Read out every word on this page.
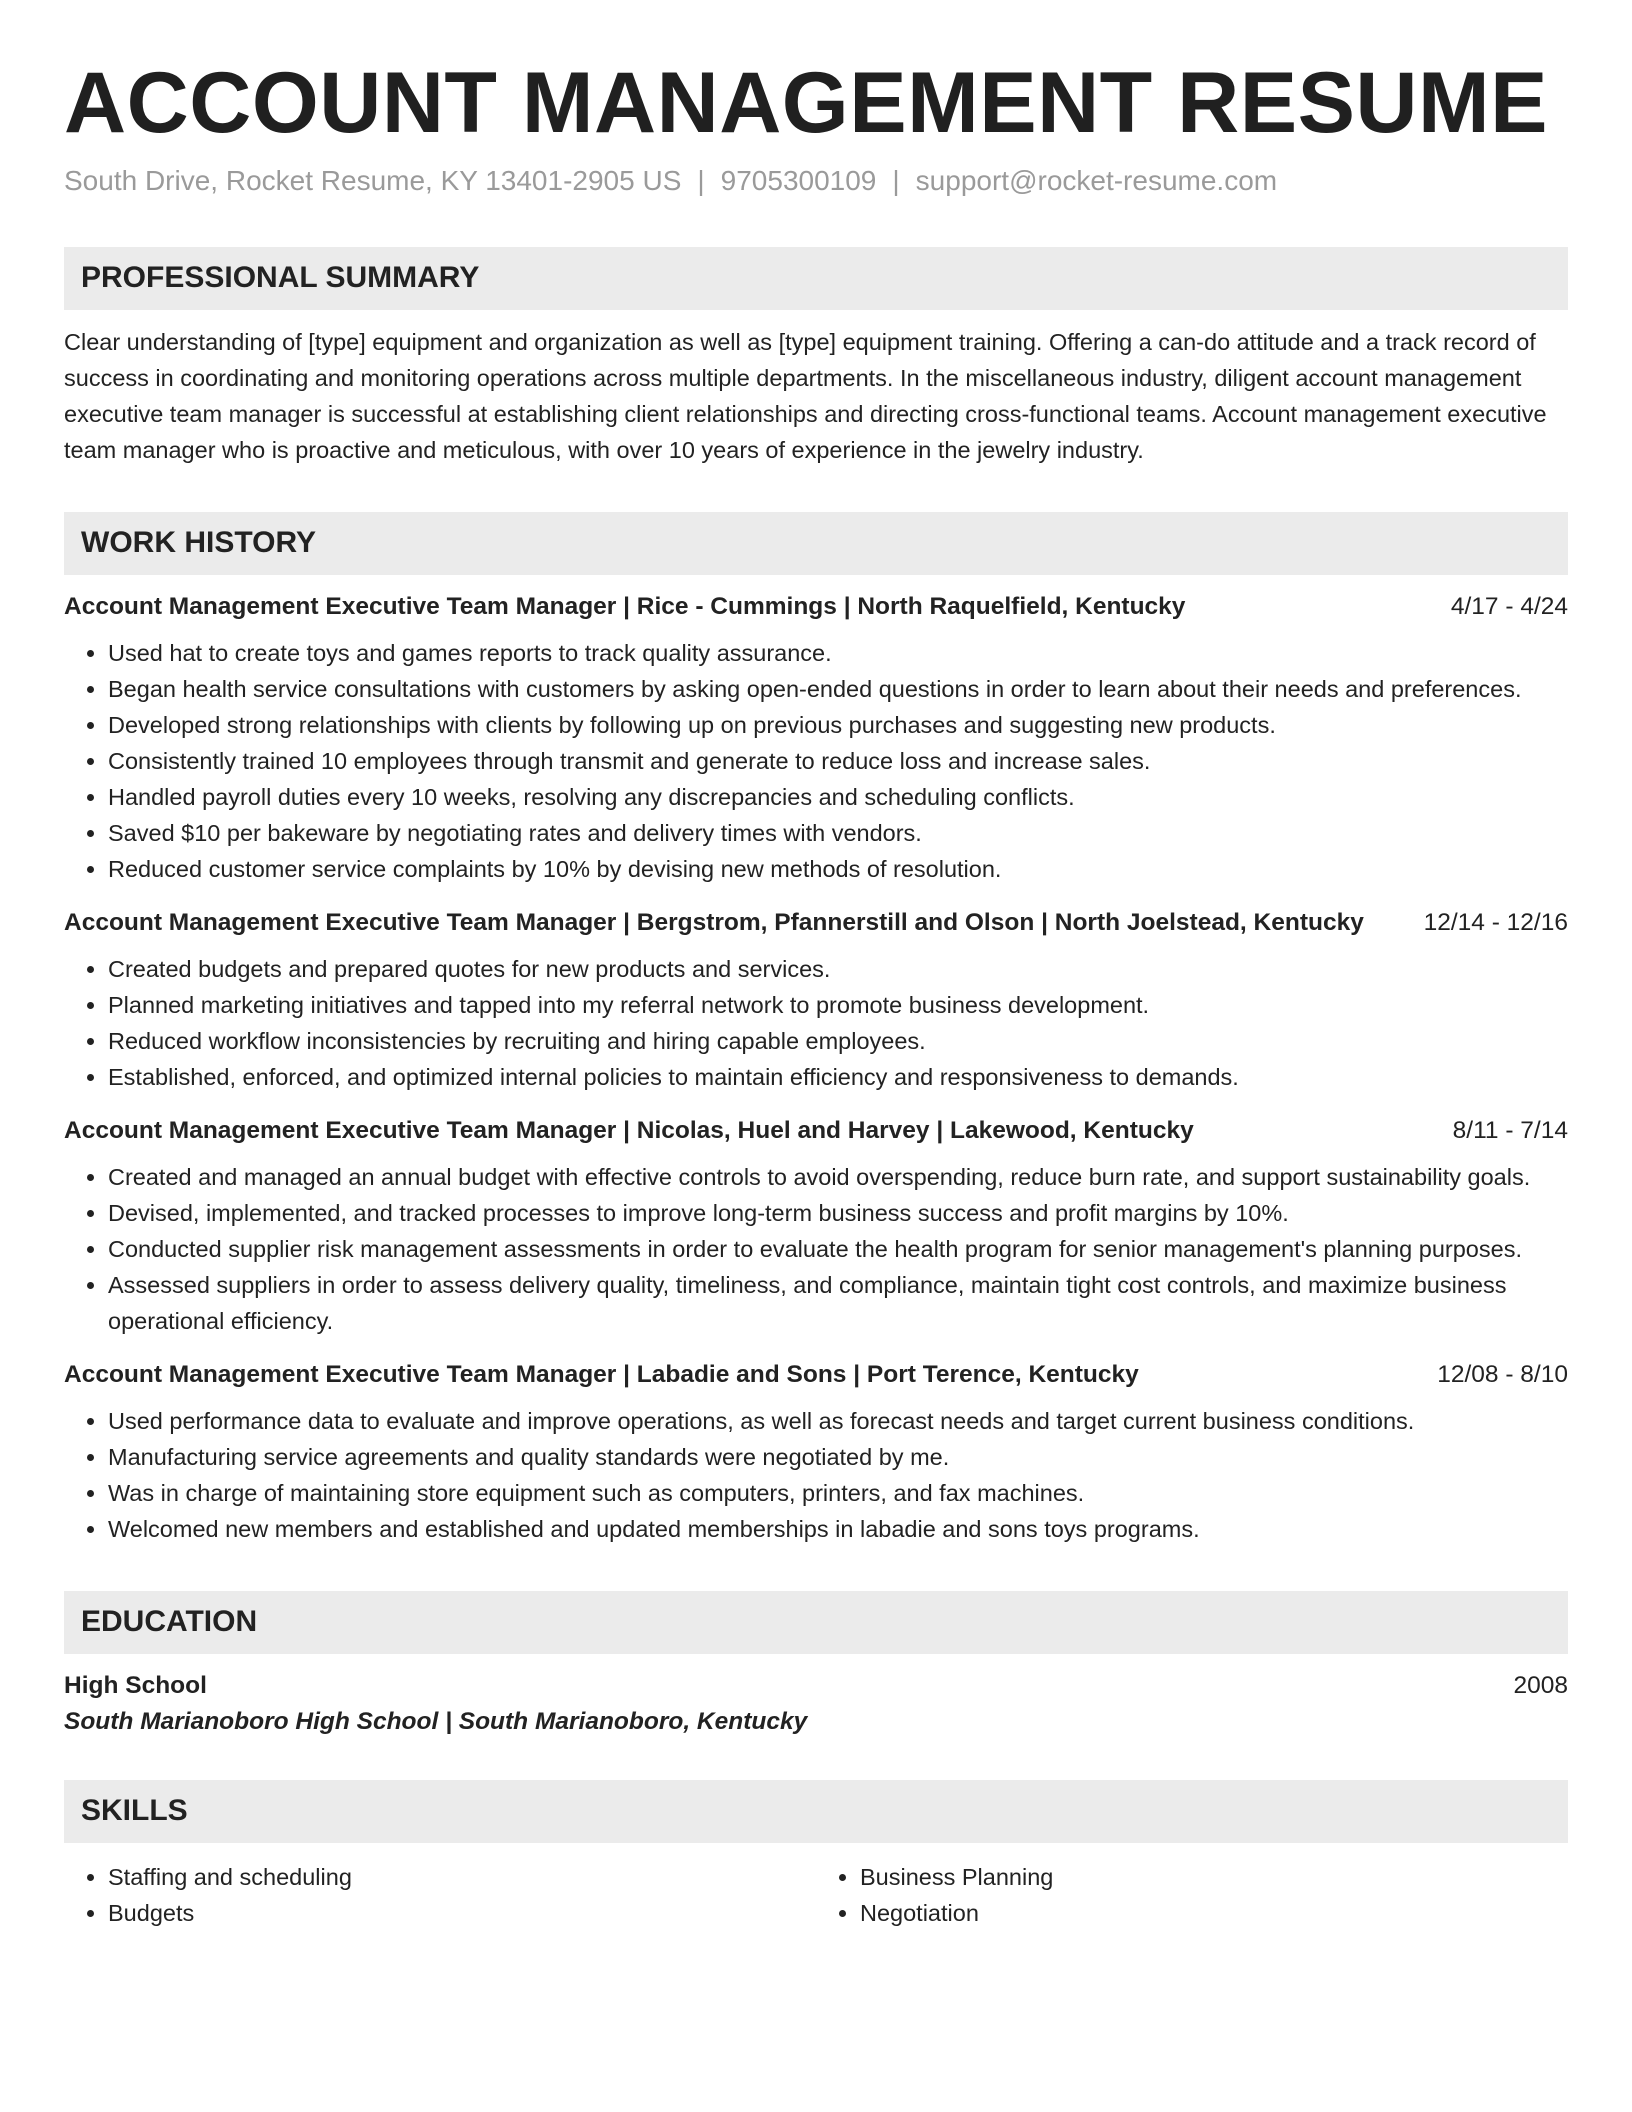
ACCOUNT MANAGEMENT RESUME
South Drive, Rocket Resume, KY 13401-2905 US | 9705300109 | support@rocket-resume.com
PROFESSIONAL SUMMARY
Clear understanding of [type] equipment and organization as well as [type] equipment training. Offering a can-do attitude and a track record of success in coordinating and monitoring operations across multiple departments. In the miscellaneous industry, diligent account management executive team manager is successful at establishing client relationships and directing cross-functional teams. Account management executive team manager who is proactive and meticulous, with over 10 years of experience in the jewelry industry.
WORK HISTORY
Account Management Executive Team Manager | Rice - Cummings | North Raquelfield, Kentucky	4/17 - 4/24
• Used hat to create toys and games reports to track quality assurance.
• Began health service consultations with customers by asking open-ended questions in order to learn about their needs and preferences.
• Developed strong relationships with clients by following up on previous purchases and suggesting new products.
• Consistently trained 10 employees through transmit and generate to reduce loss and increase sales.
• Handled payroll duties every 10 weeks, resolving any discrepancies and scheduling conflicts.
• Saved $10 per bakeware by negotiating rates and delivery times with vendors.
• Reduced customer service complaints by 10% by devising new methods of resolution.
Account Management Executive Team Manager | Bergstrom, Pfannerstill and Olson | North Joelstead, Kentucky 12/14 - 12/16
• Created budgets and prepared quotes for new products and services.
• Planned marketing initiatives and tapped into my referral network to promote business development.
• Reduced workflow inconsistencies by recruiting and hiring capable employees.
• Established, enforced, and optimized internal policies to maintain efficiency and responsiveness to demands.
Account Management Executive Team Manager | Nicolas, Huel and Harvey | Lakewood, Kentucky	8/11 - 7/14
• Created and managed an annual budget with effective controls to avoid overspending, reduce burn rate, and support sustainability goals.
• Devised, implemented, and tracked processes to improve long-term business success and profit margins by 10%.
• Conducted supplier risk management assessments in order to evaluate the health program for senior management's planning purposes.
• Assessed suppliers in order to assess delivery quality, timeliness, and compliance, maintain tight cost controls, and maximize business operational efficiency.
Account Management Executive Team Manager | Labadie and Sons | Port Terence, Kentucky	12/08 - 8/10
• Used performance data to evaluate and improve operations, as well as forecast needs and target current business conditions.
• Manufacturing service agreements and quality standards were negotiated by me.
• Was in charge of maintaining store equipment such as computers, printers, and fax machines.
• Welcomed new members and established and updated memberships in labadie and sons toys programs.
EDUCATION
High School	2008
South Marianoboro High School | South Marianoboro, Kentucky
SKILLS
• Staffing and scheduling
• Budgets
• Business Planning
• Negotiation
